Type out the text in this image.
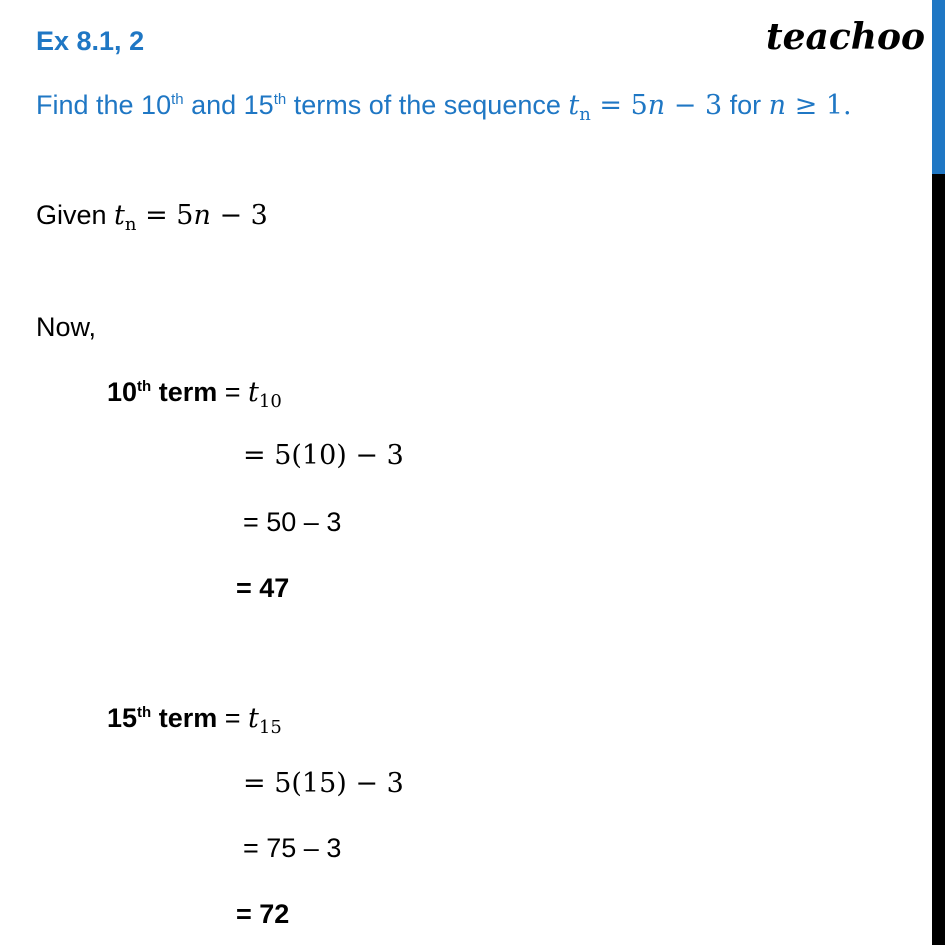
Ex 8.1, 2	teachoo
Find the 10th and 15th terms of the sequence $t_n = 5n - 3$ for n ≥ 1.
Given $t_n = 5n - 3$
Now,
10th term = $t_{10}$
= 5(10) − 3
= 50 – 3
= 47
15th term = $t_{15}$
= 5(15) − 3
= 75 – 3
= 72
